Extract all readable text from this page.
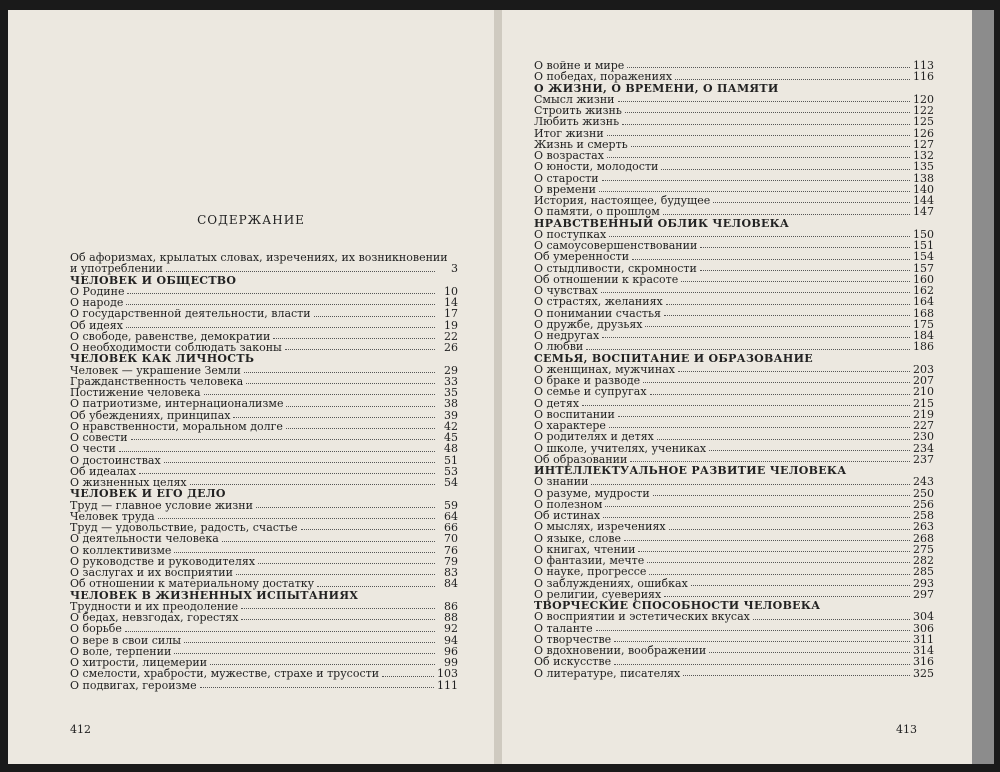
СОДЕРЖАНИЕ
Об афоризмах, крылатых словах, изречениях, их возникновении
и употреблении	3
ЧЕЛОВЕК И ОБЩЕСТВО
О Родине	10
О народе	14
О государственной деятельности, власти	17
Об идеях	19
О свободе, равенстве, демократии	22
О необходимости соблюдать законы	26
ЧЕЛОВЕК КАК ЛИЧНОСТЬ
Человек — украшение Земли	29
Гражданственность человека	33
Постижение человека	35
О патриотизме, интернационализме	38
Об убеждениях, принципах	39
О нравственности, моральном долге	42
О совести	45
О чести	48
О достоинствах	51
Об идеалах	53
О жизненных целях	54
ЧЕЛОВЕК И ЕГО ДЕЛО
Труд — главное условие жизни	59
Человек труда	64
Труд — удовольствие, радость, счастье	66
О деятельности человека	70
О коллективизме	76
О руководстве и руководителях	79
О заслугах и их восприятии	83
Об отношении к материальному достатку	84
ЧЕЛОВЕК В ЖИЗНЕННЫХ ИСПЫТАНИЯХ
Трудности и их преодоление	86
О бедах, невзгодах, горестях	88
О борьбе	92
О вере в свои силы	94
О воле, терпении	96
О хитрости, лицемерии	99
О смелости, храбрости, мужестве, страхе и трусости	103
О подвигах, героизме	111
412
О войне и мире	113
О победах, поражениях	116
О ЖИЗНИ, О ВРЕМЕНИ, О ПАМЯТИ
Смысл жизни	120
Строить жизнь	122
Любить жизнь	125
Итог жизни	126
Жизнь и смерть	127
О возрастах	132
О юности, молодости	135
О старости	138
О времени	140
История, настоящее, будущее	144
О памяти, о прошлом	147
НРАВСТВЕННЫЙ ОБЛИК ЧЕЛОВЕКА
О поступках	150
О самоусовершенствовании	151
Об умеренности	154
О стыдливости, скромности	157
Об отношении к красоте	160
О чувствах	162
О страстях, желаниях	164
О понимании счастья	168
О дружбе, друзьях	175
О недругах	184
О любви	186
СЕМЬЯ, ВОСПИТАНИЕ И ОБРАЗОВАНИЕ
О женщинах, мужчинах	203
О браке и разводе	207
О семье и супругах	210
О детях	215
О воспитании	219
О характере	227
О родителях и детях	230
О школе, учителях, учениках	234
Об образовании	237
ИНТЕЛЛЕКТУАЛЬНОЕ РАЗВИТИЕ ЧЕЛОВЕКА
О знании	243
О разуме, мудрости	250
О полезном	256
Об истинах	258
О мыслях, изречениях	263
О языке, слове	268
О книгах, чтении	275
О фантазии, мечте	282
О науке, прогрессе	285
О заблуждениях, ошибках	293
О религии, суевериях	297
ТВОРЧЕСКИЕ СПОСОБНОСТИ ЧЕЛОВЕКА
О восприятии и эстетических вкусах	304
О таланте	306
О творчестве	311
О вдохновении, воображении	314
Об искусстве	316
О литературе, писателях	325
413
